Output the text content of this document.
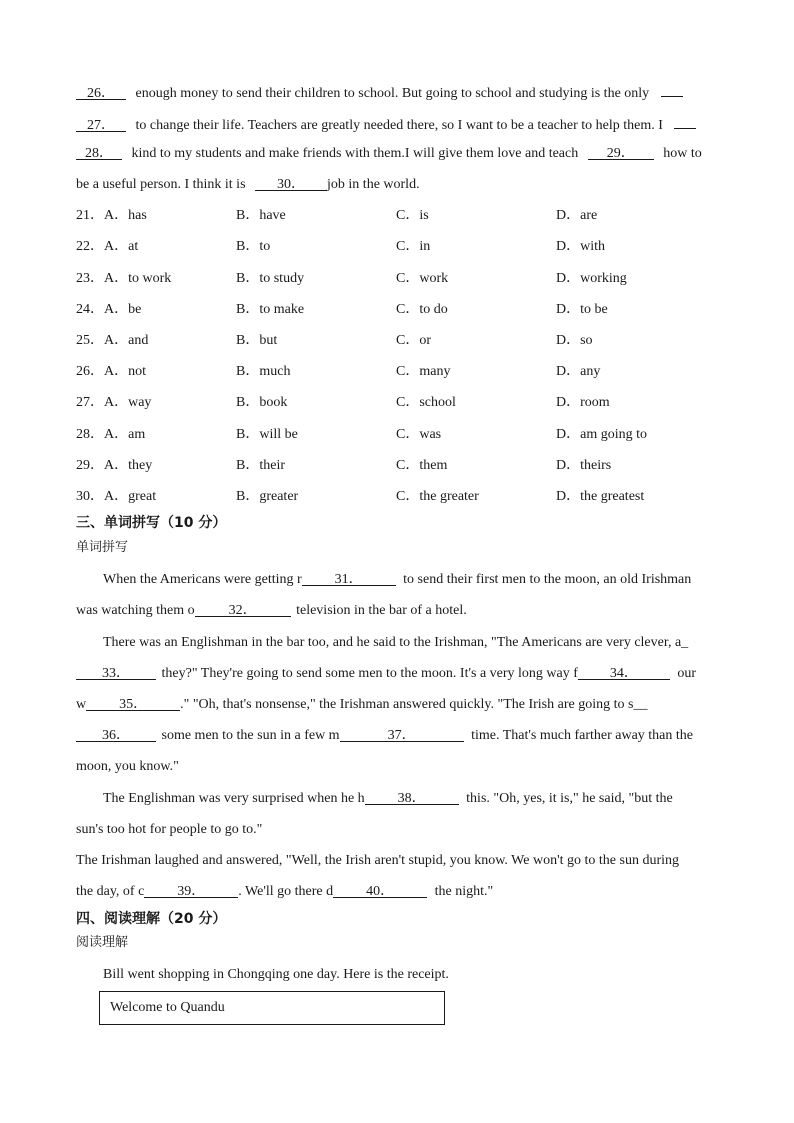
26． enough money to send their children to school. But going to school and studying is the only
27． to change their life. Teachers are greatly needed there, so I want to be a teacher to help them. I
28． kind to my students and make friends with them.I will give them love and teach 29． how to
be a useful person. I think it is 30． job in the world.
21．A．has	B．have	C．is	D．are
22．A．at	B．to	C．in	D．with
23．A．to work	B．to study	C．work	D．working
24．A．be	B．to make	C．to do	D．to be
25．A．and	B．but	C．or	D．so
26．A．not	B．much	C．many	D．any
27．A．way	B．book	C．school	D．room
28．A．am	B．will be	C．was	D．am going to
29．A．they	B．their	C．them	D．theirs
30．A．great	B．greater	C．the greater	D．the greatest
三、单词拼写（10 分）
单词拼写
When the Americans were getting r 31．	to send their first men to the moon, an old Irishman
was watching them o 32．	television in the bar of a hotel.
There was an Englishman in the bar too, and he said to the Irishman, "The Americans are very clever, a_
33． they?" They're going to send some men to the moon. It's a very long way f 34．	our
w 35． ." "Oh, that's nonsense," the Irishman answered quickly. "The Irish are going to s__
36． some men to the sun in a few m	37．	time. That's much farther away than the
moon, you know."
The Englishman was very surprised when he h 38．	this. "Oh, yes, it is," he said, "but the
sun's too hot for people to go to."
The Irishman laughed and answered, "Well, the Irish aren't stupid, you know. We won't go to the sun during
the day, of c 39． . We'll go there d 40．	the night."
四、阅读理解（20 分）
阅读理解
Bill went shopping in Chongqing one day. Here is the receipt.
Welcome to Quandu
